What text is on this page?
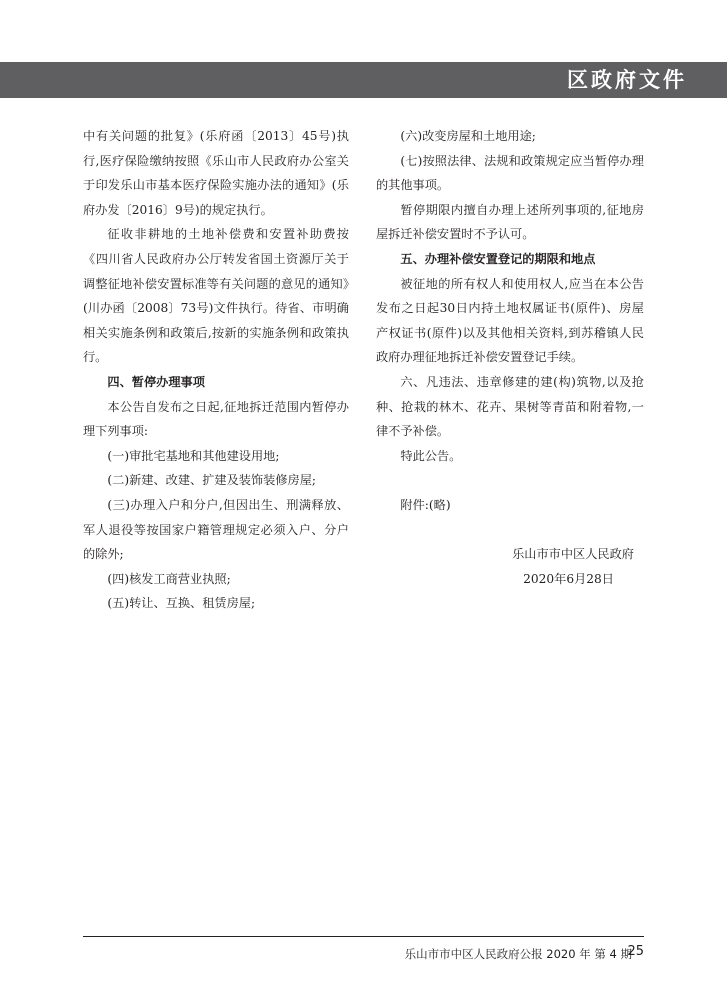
区政府文件

中有关问题的批复》(乐府函〔2013〕45号)执行,医疗保险缴纳按照《乐山市人民政府办公室关于印发乐山市基本医疗保险实施办法的通知》(乐府办发〔2016〕9号)的规定执行。

征收非耕地的土地补偿费和安置补助费按《四川省人民政府办公厅转发省国土资源厅关于调整征地补偿安置标准等有关问题的意见的通知》(川办函〔2008〕73号)文件执行。待省、市明确相关实施条例和政策后,按新的实施条例和政策执行。

四、暂停办理事项

本公告自发布之日起,征地拆迁范围内暂停办理下列事项:

(一)审批宅基地和其他建设用地;

(二)新建、改建、扩建及装饰装修房屋;

(三)办理入户和分户,但因出生、刑满释放、军人退役等按国家户籍管理规定必须入户、分户的除外;

(四)核发工商营业执照;

(五)转让、互换、租赁房屋;

(六)改变房屋和土地用途;

(七)按照法律、法规和政策规定应当暂停办理的其他事项。

暂停期限内擅自办理上述所列事项的,征地房屋拆迁补偿安置时不予认可。

五、办理补偿安置登记的期限和地点

被征地的所有权人和使用权人,应当在本公告发布之日起30日内持土地权属证书(原件)、房屋产权证书(原件)以及其他相关资料,到苏稽镇人民政府办理征地拆迁补偿安置登记手续。

六、凡违法、违章修建的建(构)筑物,以及抢种、抢栽的林木、花卉、果树等青苗和附着物,一律不予补偿。

特此公告。

附件:(略)

乐山市市中区人民政府

2020年6月28日

乐山市市中区人民政府公报 2020 年 第 4 期
25
